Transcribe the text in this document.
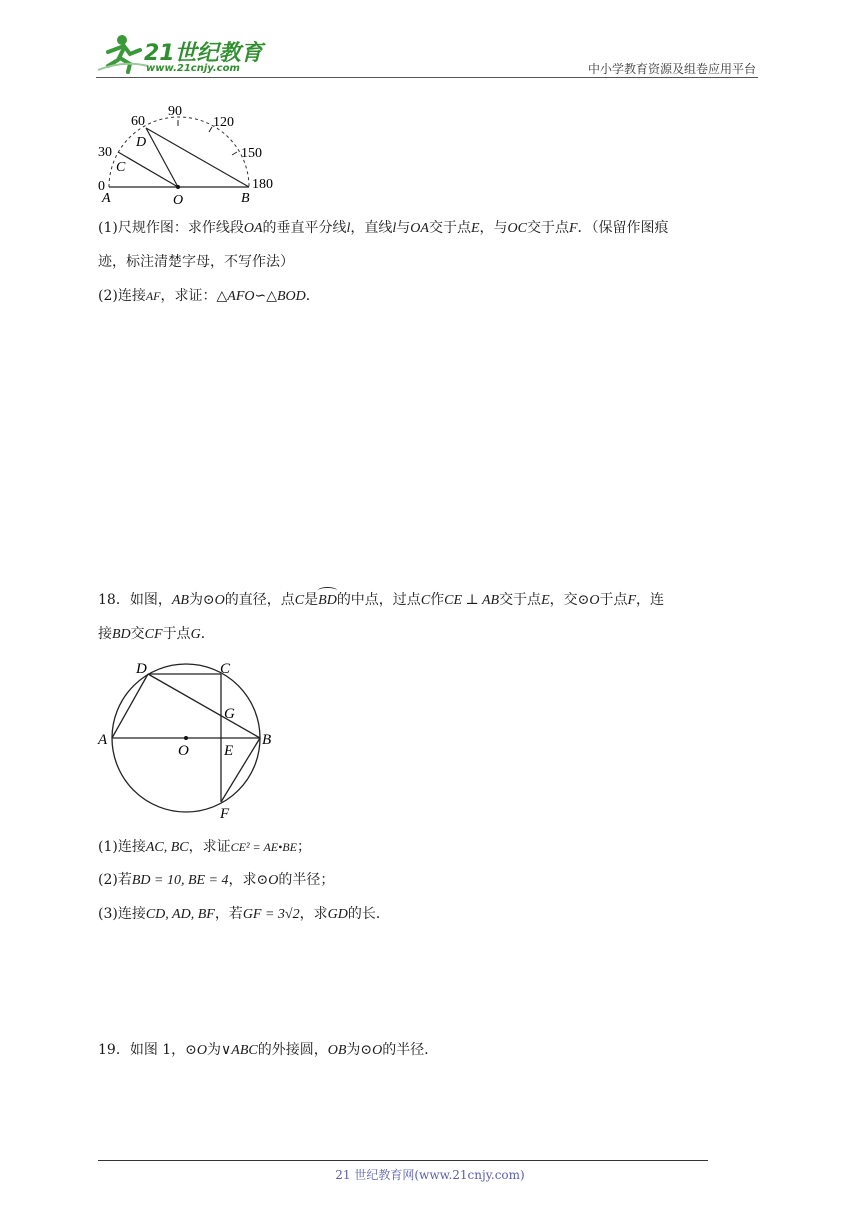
21世纪教育
www.21cnjy.com	中小学教育资源及组卷应用平台
0
30
60
90
120
150
180
A	O	B
C
D
(1)尺规作图：求作线段OA的垂直平分线l，直线l与OA交于点E，与OC交于点F．（保留作图痕
迹，标注清楚字母，不写作法）
(2)连接AF，求证：△AFO∽△BOD．
18．如图，AB为⊙O的直径，点C是
BD的中点，过点C作CE ⊥ AB交于点E，交⊙O于点F，连
接BD交CF于点G．
D	C
G
A
O E
B
F
(1)连接AC, BC，求证CE² = AE•BE；
(2)若BD = 10, BE = 4，求⊙O的半径；
(3)连接CD, AD, BF，若GF = 3√2，求GD的长．
19．如图 1，⊙O为∨ABC的外接圆，OB为⊙O的半径．
21 世纪教育网(www.21cnjy.com)
